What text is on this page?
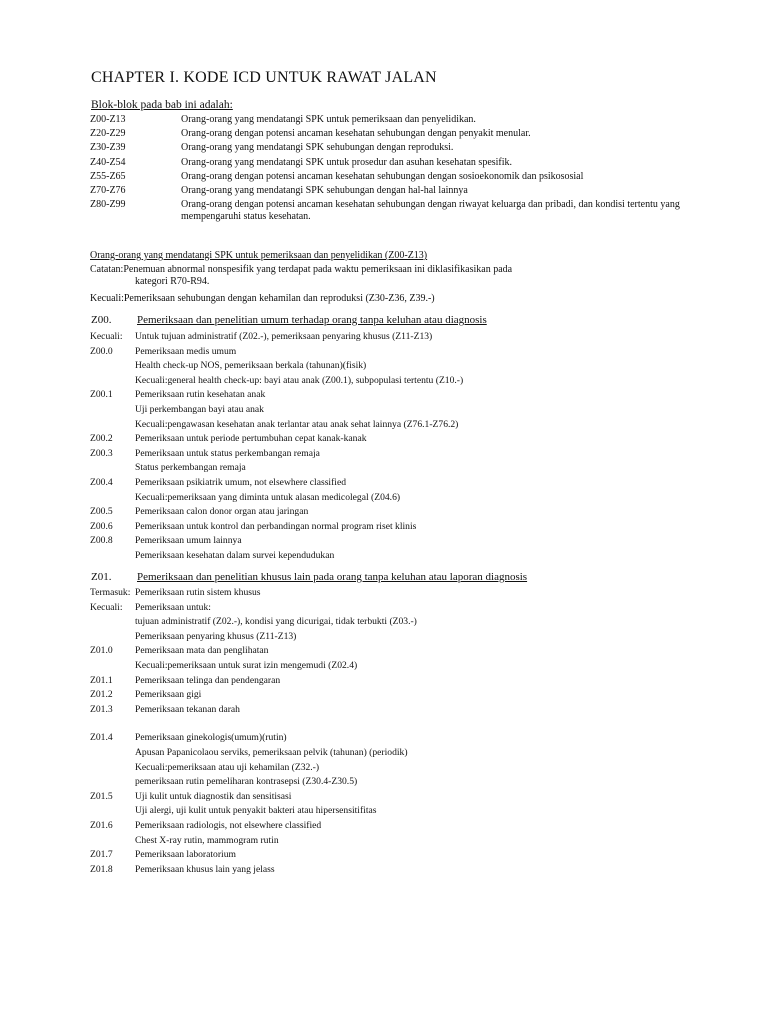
CHAPTER I. KODE ICD UNTUK RAWAT JALAN
Blok-blok pada bab ini adalah:
Z00-Z13	Orang-orang yang mendatangi SPK untuk pemeriksaan dan penyelidikan.
Z20-Z29	Orang-orang dengan potensi ancaman kesehatan sehubungan dengan penyakit menular.
Z30-Z39	Orang-orang yang mendatangi SPK sehubungan dengan reproduksi.
Z40-Z54	Orang-orang yang mendatangi SPK untuk prosedur dan asuhan kesehatan spesifik.
Z55-Z65	Orang-orang dengan potensi ancaman kesehatan sehubungan dengan sosioekonomik dan psikososial
Z70-Z76	Orang-orang yang mendatangi SPK sehubungan dengan hal-hal lainnya
Z80-Z99	Orang-orang dengan potensi ancaman kesehatan sehubungan dengan riwayat keluarga dan pribadi, dan kondisi tertentu yang mempengaruhi status kesehatan.
Orang-orang yang mendatangi SPK untuk pemeriksaan dan penyelidikan (Z00-Z13)
Catatan: Penemuan abnormal nonspesifik yang terdapat pada waktu pemeriksaan ini diklasifikasikan pada
kategori R70-R94.
Kecuali: Pemeriksaan sehubungan dengan kehamilan dan reproduksi (Z30-Z36, Z39.-)
Z00. Pemeriksaan dan penelitian umum terhadap orang tanpa keluhan atau diagnosis
Kecuali:	Untuk tujuan administratif (Z02.-), pemeriksaan penyaring khusus (Z11-Z13)
Z00.0	Pemeriksaan medis umum
Health check-up NOS, pemeriksaan berkala (tahunan)(fisik)
Kecuali:general health check-up: bayi atau anak (Z00.1), subpopulasi tertentu (Z10.-)
Z00.1	Pemeriksaan rutin kesehatan anak
Uji perkembangan bayi atau anak
Kecuali:pengawasan kesehatan anak terlantar atau anak sehat lainnya (Z76.1-Z76.2)
Z00.2	Pemeriksaan untuk periode pertumbuhan cepat kanak-kanak
Z00.3	Pemeriksaan untuk status perkembangan remaja
Status perkembangan remaja
Z00.4	Pemeriksaan psikiatrik umum, not elsewhere classified
Kecuali:pemeriksaan yang diminta untuk alasan medicolegal (Z04.6)
Z00.5	Pemeriksaan calon donor organ atau jaringan
Z00.6	Pemeriksaan untuk kontrol dan perbandingan normal program riset klinis
Z00.8	Pemeriksaan umum lainnya
Pemeriksaan kesehatan dalam survei kependudukan
Z01. Pemeriksaan dan penelitian khusus lain pada orang tanpa keluhan atau laporan diagnosis
Termasuk: Pemeriksaan rutin sistem khusus
Kecuali:	Pemeriksaan untuk:
tujuan administratif (Z02.-), kondisi yang dicurigai, tidak terbukti (Z03.-)
Pemeriksaan penyaring khusus (Z11-Z13)
Z01.0	Pemeriksaan mata dan penglihatan
Kecuali:pemeriksaan untuk surat izin mengemudi (Z02.4)
Z01.1	Pemeriksaan telinga dan pendengaran
Z01.2	Pemeriksaan gigi
Z01.3	Pemeriksaan tekanan darah
Z01.4	Pemeriksaan ginekologis(umum)(rutin)
Apusan Papanicolaou serviks, pemeriksaan pelvik (tahunan) (periodik)
Kecuali:pemeriksaan atau uji kehamilan (Z32.-)
pemeriksaan rutin pemeliharan kontrasepsi (Z30.4-Z30.5)
Z01.5	Uji kulit untuk diagnostik dan sensitisasi
Uji alergi, uji kulit untuk penyakit bakteri atau hipersensitifitas
Z01.6	Pemeriksaan radiologis, not elsewhere classified
Chest X-ray rutin, mammogram rutin
Z01.7	Pemeriksaan laboratorium
Z01.8	Pemeriksaan khusus lain yang jelass
